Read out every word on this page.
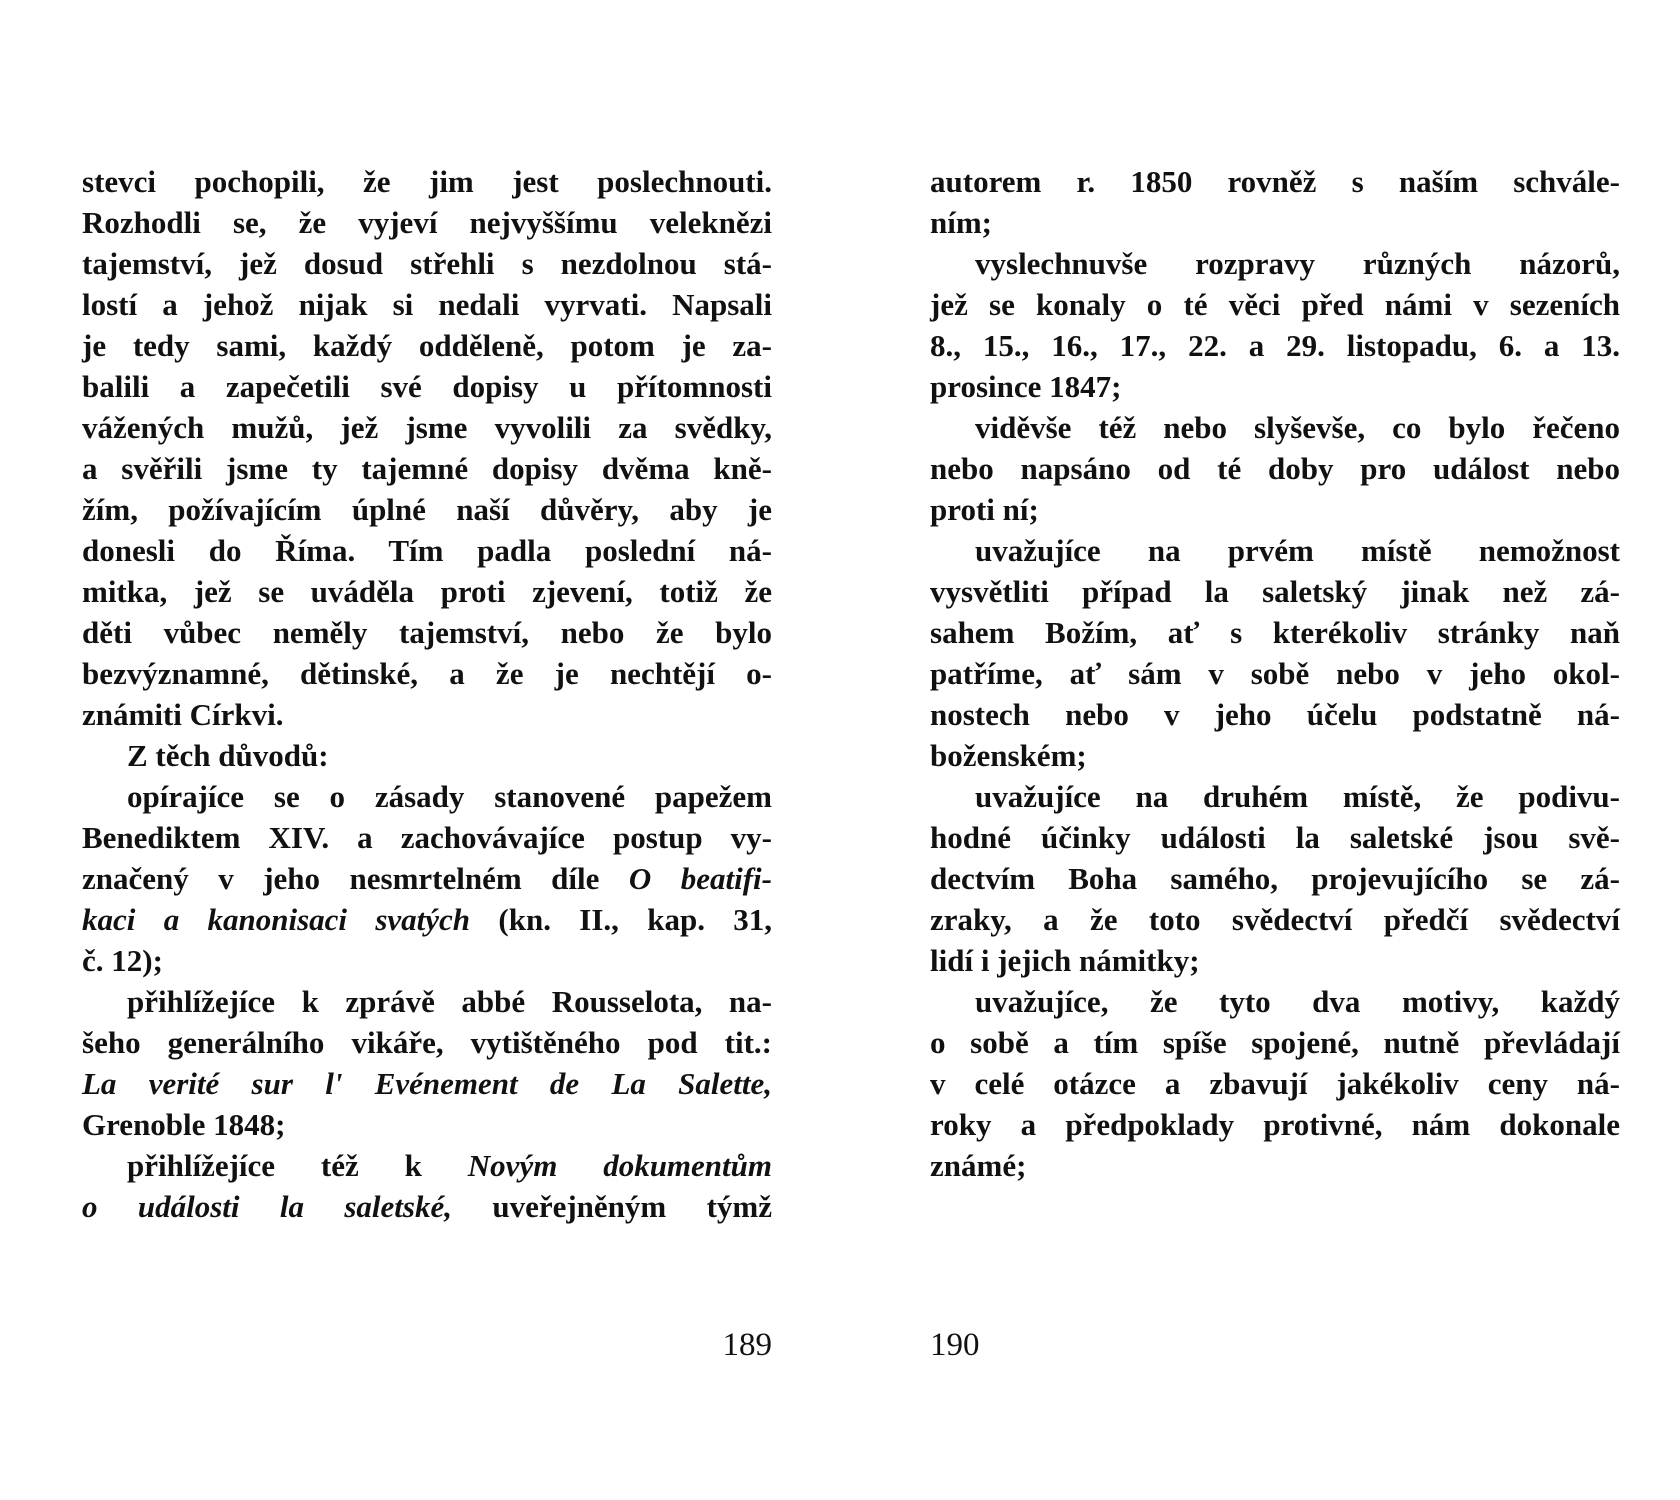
stevci pochopili, že jim jest poslechnouti.
Rozhodli se, že vyjeví nejvyššímu veleknězi
tajemství, jež dosud střehli s nezdolnou stá-
lostí a jehož nijak si nedali vyrvati. Napsali
je tedy sami, každý odděleně, potom je za-
balili a zapečetili své dopisy u přítomnosti
vážených mužů, jež jsme vyvolili za svědky,
a svěřili jsme ty tajemné dopisy dvěma kně-
žím, požívajícím úplné naší důvěry, aby je
donesli do Říma. Tím padla poslední ná-
mitka, jež se uváděla proti zjevení, totiž že
děti vůbec neměly tajemství, nebo že bylo
bezvýznamné, dětinské, a že je nechtějí o-
známiti Církvi.
Z těch důvodů:
opírajíce se o zásady stanovené papežem
Benediktem XIV. a zachovávajíce postup vy-
značený v jeho nesmrtelném díle O beatifi-
kaci a kanonisaci svatých (kn. II., kap. 31,
č. 12);
přihlížejíce k zprávě abbé Rousselota, na-
šeho generálního vikáře, vytištěného pod tit.:
La verité sur l' Evénement de La Salette,
Grenoble 1848;
přihlížejíce též k Novým dokumentům
o události la saletské, uveřejněným týmž
189
autorem r. 1850 rovněž s naším schvále-
ním;
vyslechnuvše rozpravy různých názorů,
jež se konaly o té věci před námi v sezeních
8., 15., 16., 17., 22. a 29. listopadu, 6. a 13.
prosince 1847;
viděvše též nebo slyševše, co bylo řečeno
nebo napsáno od té doby pro událost nebo
proti ní;
uvažujíce na prvém místě nemožnost
vysvětliti případ la saletský jinak než zá-
sahem Božím, ať s kterékoliv stránky naň
patříme, ať sám v sobě nebo v jeho okol-
nostech nebo v jeho účelu podstatně ná-
boženském;
uvažujíce na druhém místě, že podivu-
hodné účinky události la saletské jsou svě-
dectvím Boha samého, projevujícího se zá-
zraky, a že toto svědectví předčí svědectví
lidí i jejich námitky;
uvažujíce, že tyto dva motivy, každý
o sobě a tím spíše spojené, nutně převládají
v celé otázce a zbavují jakékoliv ceny ná-
roky a předpoklady protivné, nám dokonale
známé;
190
